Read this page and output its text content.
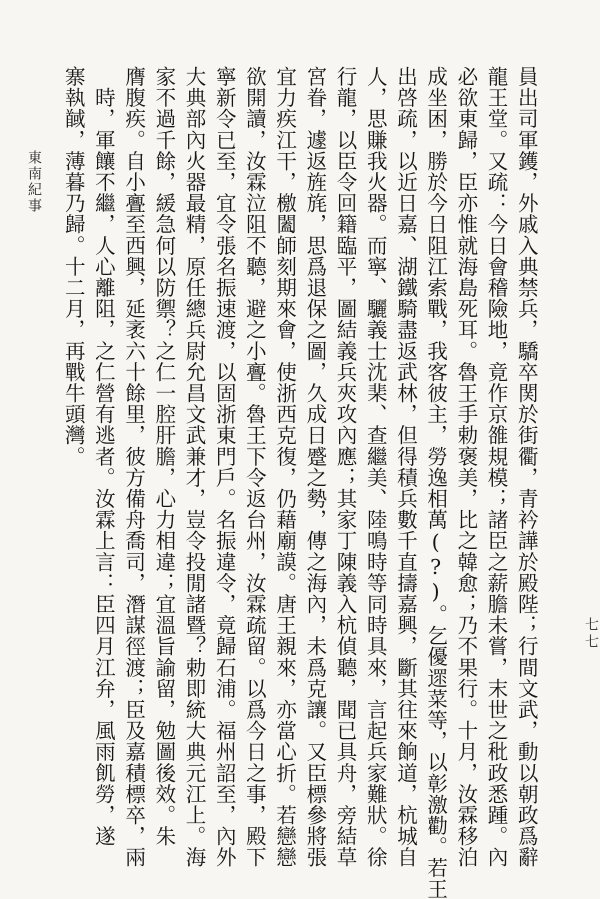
東南紀事
七七
員出司軍鑊，外戚入典禁兵，驕卒関於街衢，青衿譁於殿陛；行間文武，動以朝政爲辭
龍王堂。又疏：今日會稽險地，竟作京雒規模；諸臣之薪膽未嘗，末世之秕政悉踵。內
必欲東歸，臣亦惟就海島死耳。魯王手勅褒美，比之韓愈；乃不果行。十月，汝霖移泊
成坐困，勝於今日阻江索戰，我客彼主，勞逸相萬(?)。乞優遝菜等，以彰激勸。若王
出啓疏，以近日嘉、湖鐵騎盡返武林，但得積兵數千直擣嘉興，斷其往來餉道，杭城自
人，思賺我火器。而寧、驪義士沈棐、查繼美、陸鳴時等同時具來，言起兵家難狀。徐
行龍，以臣令回籍臨平，圖結義兵夾攻內應；其家丁陳義入杭偵聽，聞已具舟，旁結草
宮眷，遽返旌旄，思爲退保之圖，久成日蹙之勢，傳之海內，未爲克讓。又臣標參將張
宜力疾江干，檄闔師刻期來會，使浙西克復，仍藉廟謨。唐王親來，亦當心折。若戀戀
欲開讀，汝霖泣阻不聽，避之小亹。魯王下令返台州，汝霖疏留。以爲今日之事，殿下
寧新令已至，宜令張名振速渡，以固浙東門戶。名振違令，竟歸石浦。福州詔至，內外
大典部內火器最精，原任總兵尉允昌文武兼才，豈令投閒諸暨？勅即統大典元江上。海
家不過千餘，緩急何以防禦？之仁一腔肝膽，心力相違；宜溫旨諭留，勉圖後效。朱
膺腹疾。自小亹至西興，延袤六十餘里，彼方備舟喬司，潛謀徑渡；臣及嘉積標卒，兩
　時，軍饟不繼，人心離阻，之仁營有逃者。汝霖上言：臣四月江弁，風雨飢勞，遂
寨執馘，薄暮乃歸。十二月，再戰牛頭灣。
